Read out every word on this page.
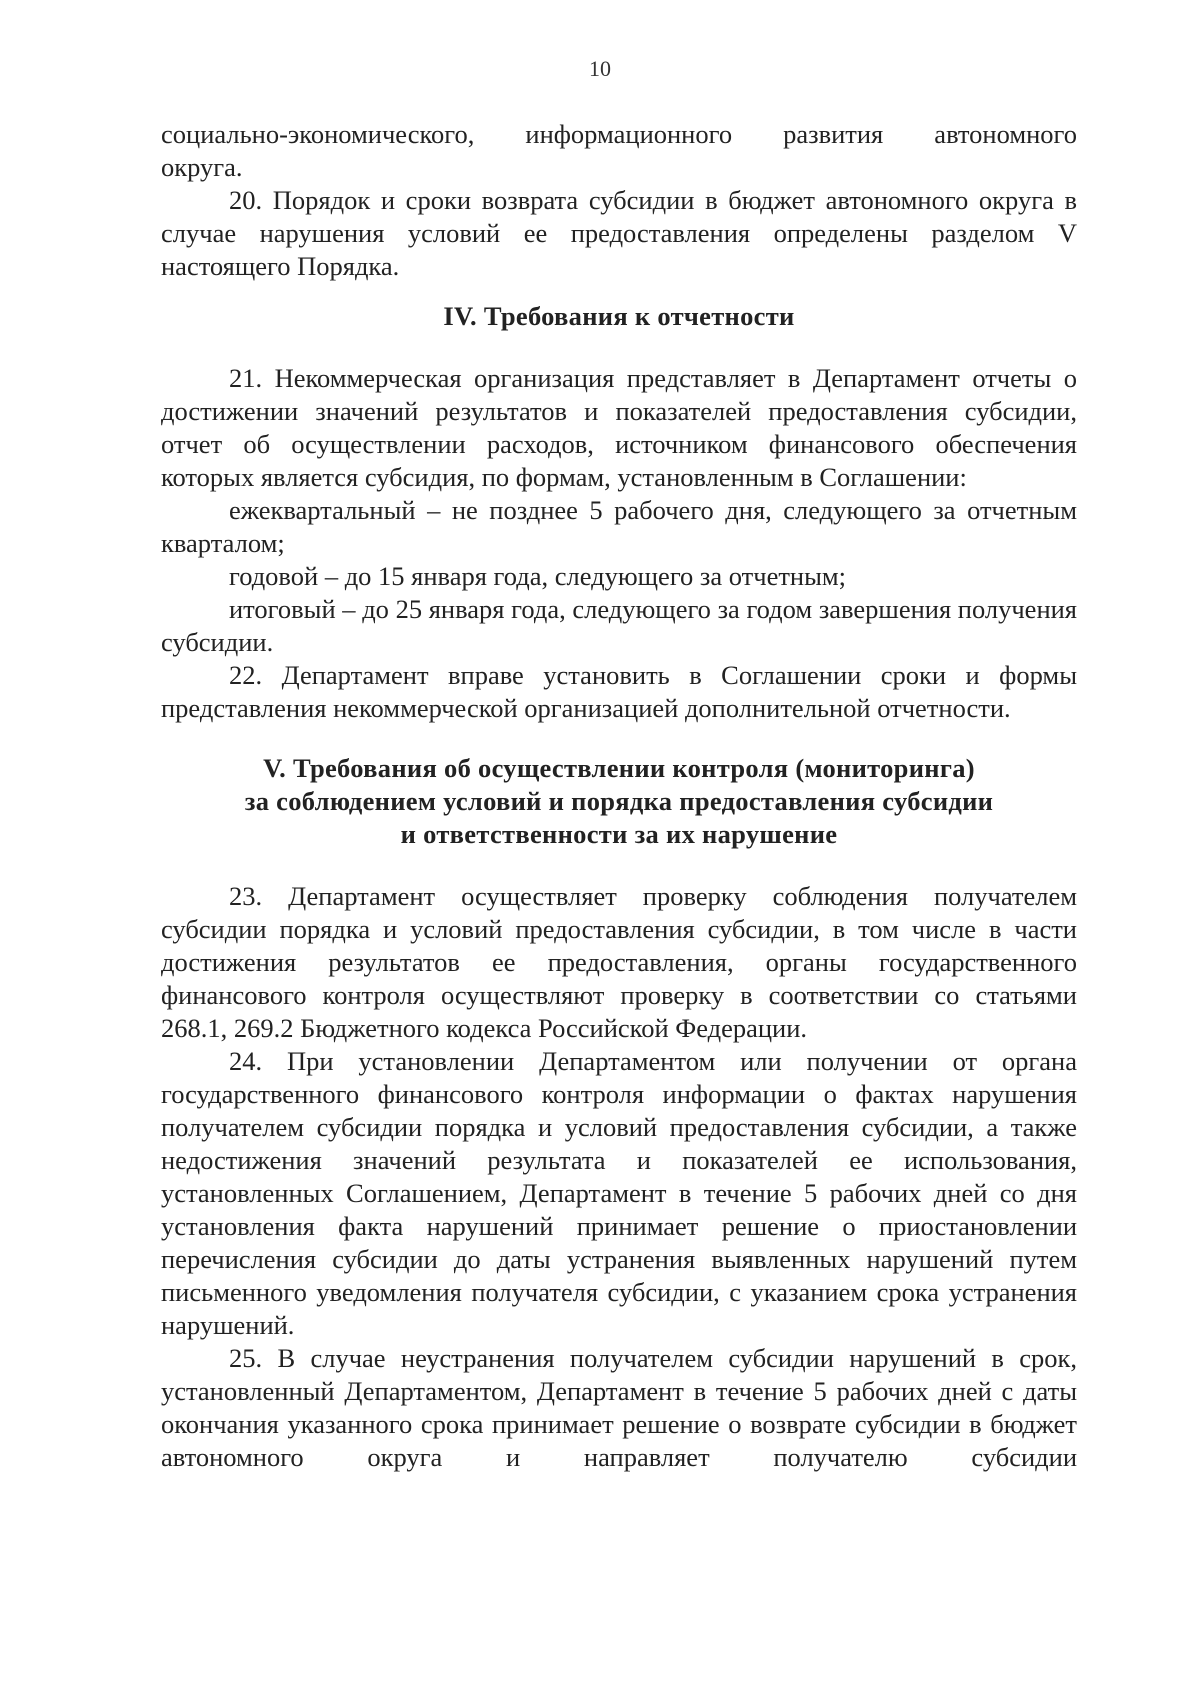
10

социально-экономического, информационного развития автономного

округа.

20. Порядок и сроки возврата субсидии в бюджет автономного округа в случае нарушения условий ее предоставления определены разделом V настоящего Порядка.

IV. Требования к отчетности

21. Некоммерческая организация представляет в Департамент отчеты о достижении значений результатов и показателей предоставления субсидии, отчет об осуществлении расходов, источником финансового обеспечения которых является субсидия, по формам, установленным в Соглашении:

ежеквартальный – не позднее 5 рабочего дня, следующего за отчетным кварталом;

годовой – до 15 января года, следующего за отчетным;

итоговый – до 25 января года, следующего за годом завершения получения субсидии.

22. Департамент вправе установить в Соглашении сроки и формы представления некоммерческой организацией дополнительной отчетности.

V. Требования об осуществлении контроля (мониторинга)

за соблюдением условий и порядка предоставления субсидии

и ответственности за их нарушение

23. Департамент осуществляет проверку соблюдения получателем субсидии порядка и условий предоставления субсидии, в том числе в части достижения результатов ее предоставления, органы государственного финансового контроля осуществляют проверку в соответствии со статьями 268.1, 269.2 Бюджетного кодекса Российской Федерации.

24. При установлении Департаментом или получении от органа государственного финансового контроля информации о фактах нарушения получателем субсидии порядка и условий предоставления субсидии, а также недостижения значений результата и показателей ее использования, установленных Соглашением, Департамент в течение 5 рабочих дней со дня установления факта нарушений принимает решение о приостановлении перечисления субсидии до даты устранения выявленных нарушений путем письменного уведомления получателя субсидии, с указанием срока устранения нарушений.

25. В случае неустранения получателем субсидии нарушений в срок, установленный Департаментом, Департамент в течение 5 рабочих дней с даты окончания указанного срока принимает решение о возврате субсидии в бюджет автономного округа и направляет получателю субсидии
